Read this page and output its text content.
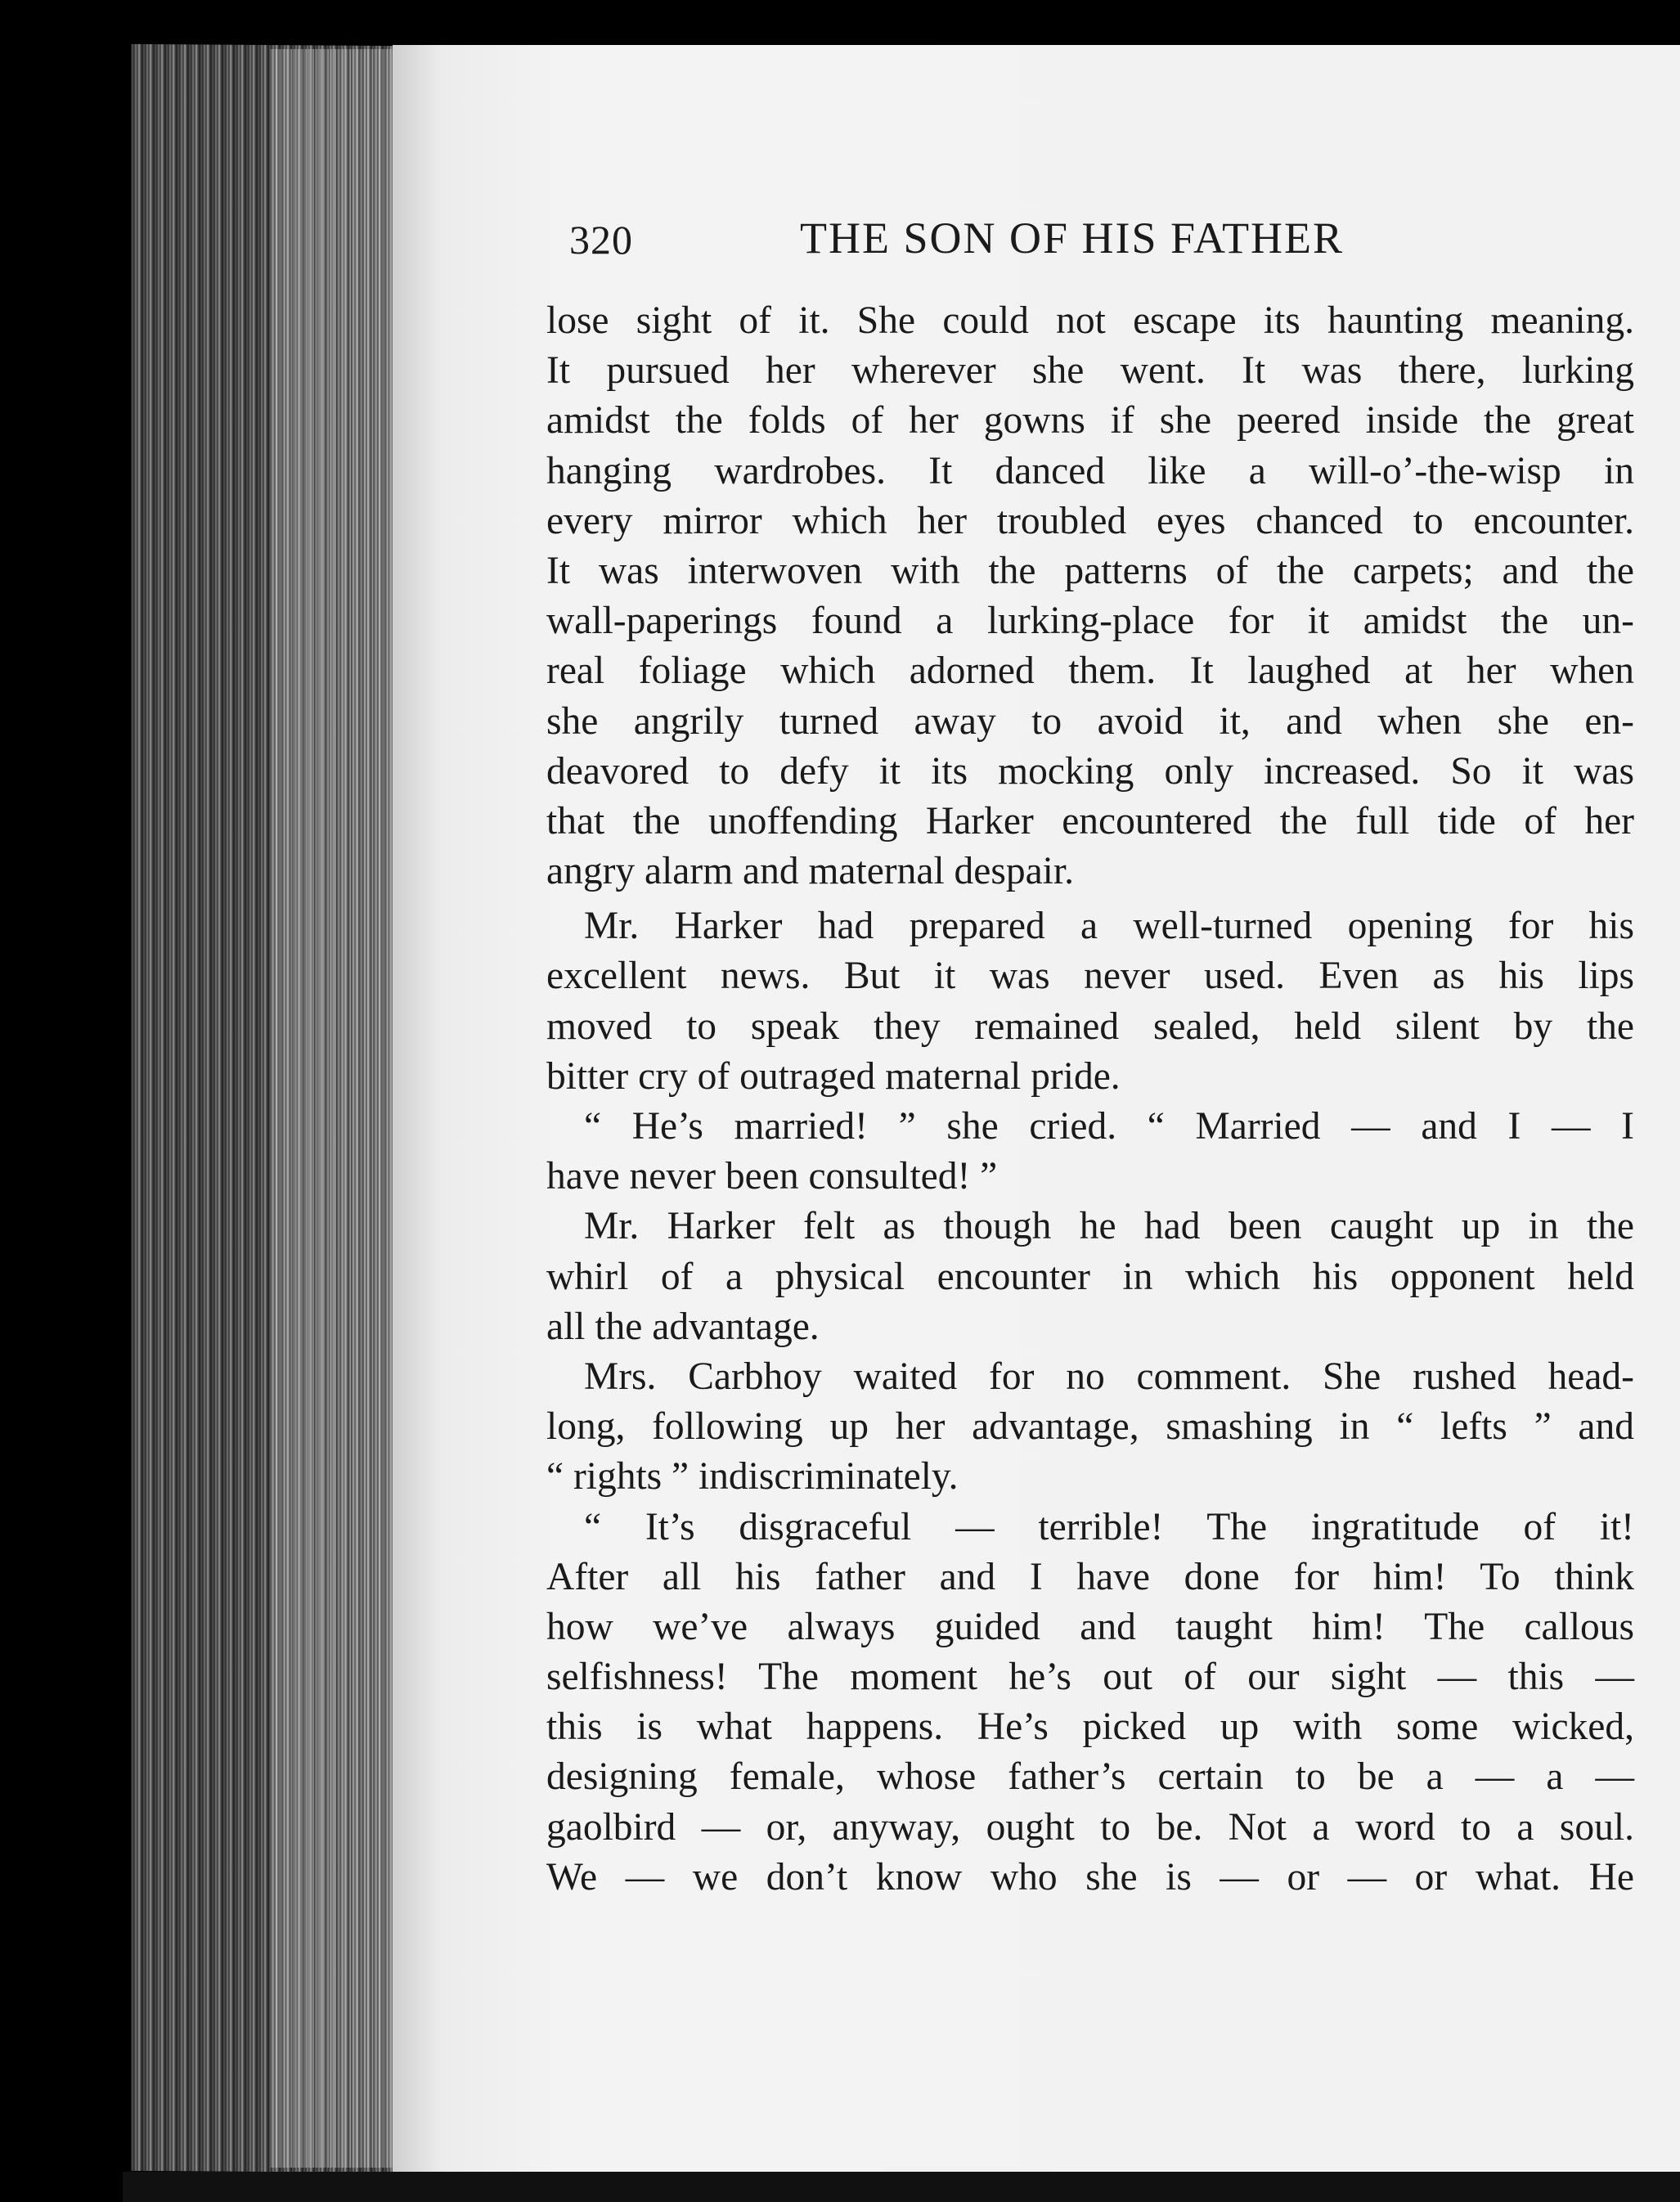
320	THE SON OF HIS FATHER
lose sight of it. She could not escape its haunting meaning.
It pursued her wherever she went. It was there, lurking
amidst the folds of her gowns if she peered inside the great
hanging wardrobes. It danced like a will-o’-the-wisp in
every mirror which her troubled eyes chanced to encounter.
It was interwoven with the patterns of the carpets; and the
wall-paperings found a lurking-place for it amidst the un-
real foliage which adorned them. It laughed at her when
she angrily turned away to avoid it, and when she en-
deavored to defy it its mocking only increased. So it was
that the unoffending Harker encountered the full tide of her
angry alarm and maternal despair.
Mr. Harker had prepared a well-turned opening for his
excellent news. But it was never used. Even as his lips
moved to speak they remained sealed, held silent by the
bitter cry of outraged maternal pride.
“ He’s married! ” she cried. “ Married — and I — I
have never been consulted! ”
Mr. Harker felt as though he had been caught up in the
whirl of a physical encounter in which his opponent held
all the advantage.
Mrs. Carbhoy waited for no comment. She rushed head-
long, following up her advantage, smashing in “ lefts ” and
“ rights ” indiscriminately.
“ It’s disgraceful — terrible! The ingratitude of it!
After all his father and I have done for him! To think
how we’ve always guided and taught him! The callous
selfishness! The moment he’s out of our sight — this —
this is what happens. He’s picked up with some wicked,
designing female, whose father’s certain to be a — a —
gaolbird — or, anyway, ought to be. Not a word to a soul.
We — we don’t know who she is — or — or what. He
